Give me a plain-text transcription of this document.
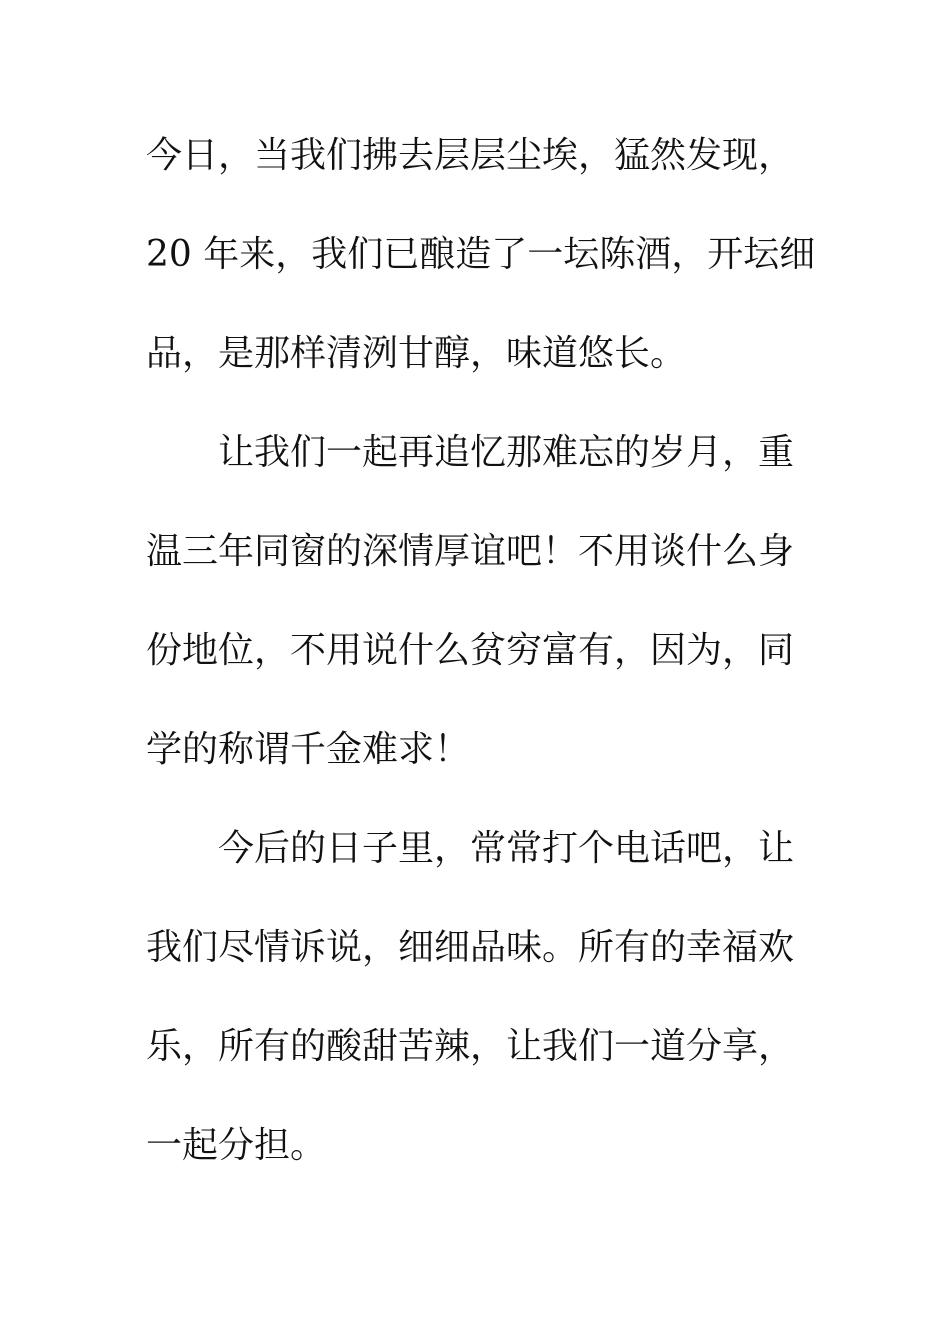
今日，当我们拂去层层尘埃，猛然发现，
20 年来，我们已酿造了一坛陈酒，开坛细
品，是那样清洌甘醇，味道悠长。
让我们一起再追忆那难忘的岁月，重
温三年同窗的深情厚谊吧！不用谈什么身
份地位，不用说什么贫穷富有，因为，同
学的称谓千金难求！
今后的日子里，常常打个电话吧，让
我们尽情诉说，细细品味。所有的幸福欢
乐，所有的酸甜苦辣，让我们一道分享，
一起分担。
